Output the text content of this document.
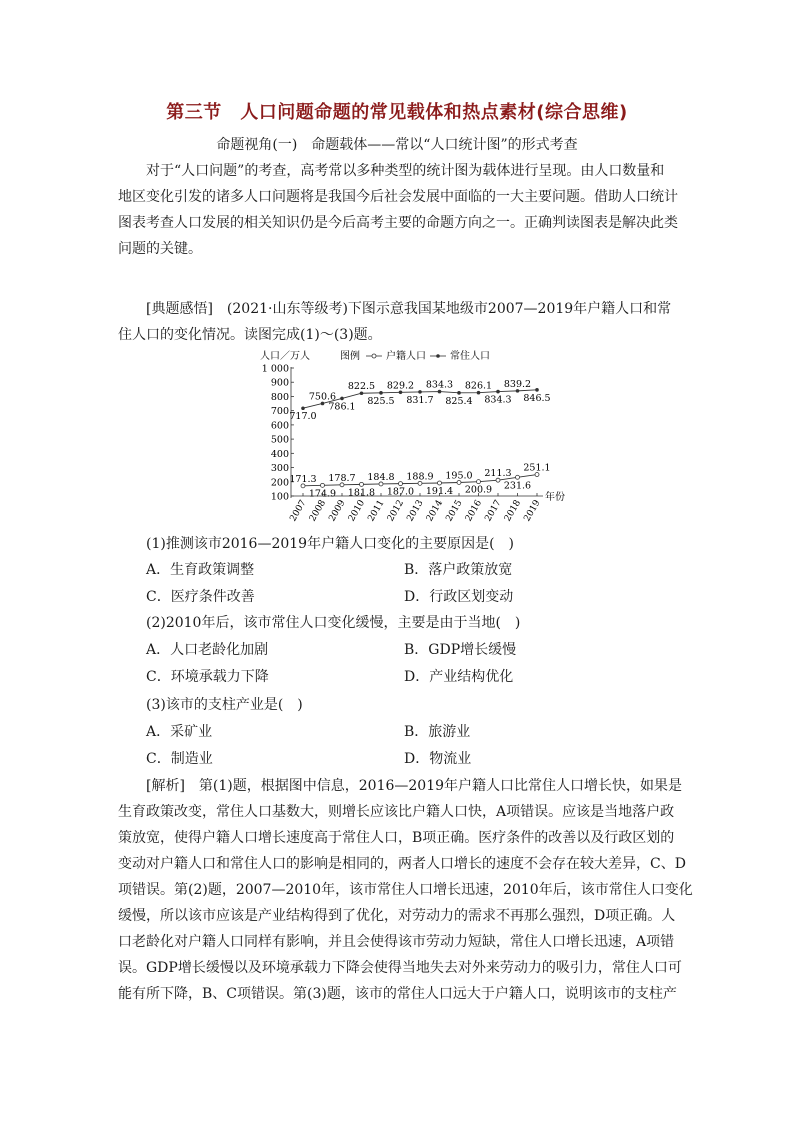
第三节　人口问题命题的常见载体和热点素材(综合思维)
命题视角(一)　命题载体——常以“人口统计图”的形式考查
对于“人口问题”的考查，高考常以多种类型的统计图为载体进行呈现。由人口数量和
地区变化引发的诸多人口问题将是我国今后社会发展中面临的一大主要问题。借助人口统计
图表考查人口发展的相关知识仍是今后高考主要的命题方向之一。正确判读图表是解决此类
问题的关键。
[典题感悟]　(2021·山东等级考)下图示意我国某地级市2007—2019年户籍人口和常
住人口的变化情况。读图完成(1)～(3)题。
人口／万人	图例	户籍人口 常住人口
100
200
300
400
500
600
700
800
900
1 000
2007 2008 2009 2010 2011 2012 2013 2014 2015 2016 2017 2018 2019
171.3
174.9
178.7
181.8
184.8
187.0
188.9
191.4
195.0
200.9
211.3
231.6
251.1
717.0
750.6
786.1
822.5
825.5
829.2
831.7
834.3
825.4
826.1
834.3
839.2
846.5
年份
(1)推测该市2016—2019年户籍人口变化的主要原因是(　)
A．生育政策调整	B．落户政策放宽
C．医疗条件改善	D．行政区划变动
(2)2010年后，该市常住人口变化缓慢，主要是由于当地(　)
A．人口老龄化加剧	B．GDP增长缓慢
C．环境承载力下降	D．产业结构优化
(3)该市的支柱产业是(　)
A．采矿业	B．旅游业
C．制造业	D．物流业
[解析]　第(1)题，根据图中信息，2016—2019年户籍人口比常住人口增长快，如果是
生育政策改变，常住人口基数大，则增长应该比户籍人口快，A项错误。应该是当地落户政
策放宽，使得户籍人口增长速度高于常住人口，B项正确。医疗条件的改善以及行政区划的
变动对户籍人口和常住人口的影响是相同的，两者人口增长的速度不会存在较大差异，C、D
项错误。第(2)题，2007—2010年，该市常住人口增长迅速，2010年后，该市常住人口变化
缓慢，所以该市应该是产业结构得到了优化，对劳动力的需求不再那么强烈，D项正确。人
口老龄化对户籍人口同样有影响，并且会使得该市劳动力短缺，常住人口增长迅速，A项错
误。GDP增长缓慢以及环境承载力下降会使得当地失去对外来劳动力的吸引力，常住人口可
能有所下降，B、C项错误。第(3)题，该市的常住人口远大于户籍人口，说明该市的支柱产
